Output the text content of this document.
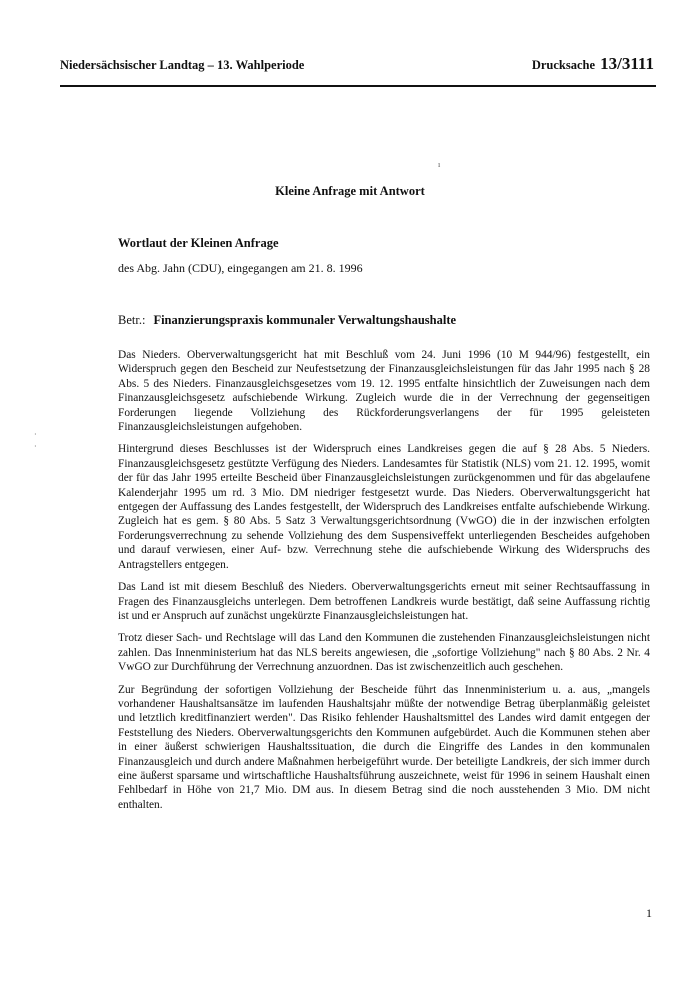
Niedersächsischer Landtag – 13. Wahlperiode	Drucksache 13/3111
ı
·
·
Kleine Anfrage mit Antwort
Wortlaut der Kleinen Anfrage
des Abg. Jahn (CDU), eingegangen am 21. 8. 1996
Betr.: Finanzierungspraxis kommunaler Verwaltungshaushalte

Das Nieders. Oberverwaltungsgericht hat mit Beschluß vom 24. Juni 1996 (10 M 944/96) festgestellt, ein Widerspruch gegen den Bescheid zur Neufestsetzung der Finanzausgleichsleistungen für das Jahr 1995 nach § 28 Abs. 5 des Nieders. Finanzausgleichsgesetzes vom 19. 12. 1995 entfalte hinsichtlich der Zuweisungen nach dem Finanzausgleichsgesetz aufschiebende Wirkung. Zugleich wurde die in der Verrechnung der gegenseitigen Forderungen liegende Vollziehung des Rückforderungsverlangens der für 1995 geleisteten Finanzausgleichsleistungen aufgehoben.

Hintergrund dieses Beschlusses ist der Widerspruch eines Landkreises gegen die auf § 28 Abs. 5 Nieders. Finanzausgleichsgesetz gestützte Verfügung des Nieders. Landesamtes für Statistik (NLS) vom 21. 12. 1995, womit der für das Jahr 1995 erteilte Bescheid über Finanzausgleichsleistungen zurückgenommen und für das abgelaufene Kalenderjahr 1995 um rd. 3 Mio. DM niedriger festgesetzt wurde. Das Nieders. Oberverwaltungsgericht hat entgegen der Auffassung des Landes festgestellt, der Widerspruch des Landkreises entfalte aufschiebende Wirkung. Zugleich hat es gem. § 80 Abs. 5 Satz 3 Verwaltungsgerichtsordnung (VwGO) die in der inzwischen erfolgten Forderungsverrechnung zu sehende Vollziehung des dem Suspensiveffekt unterliegenden Bescheides aufgehoben und darauf verwiesen, einer Auf- bzw. Verrechnung stehe die aufschiebende Wirkung des Widerspruchs des Antragstellers entgegen.

Das Land ist mit diesem Beschluß des Nieders. Oberverwaltungsgerichts erneut mit seiner Rechtsauffassung in Fragen des Finanzausgleichs unterlegen. Dem betroffenen Landkreis wurde bestätigt, daß seine Auffassung richtig ist und er Anspruch auf zunächst ungekürzte Finanzausgleichsleistungen hat.

Trotz dieser Sach- und Rechtslage will das Land den Kommunen die zustehenden Finanzausgleichsleistungen nicht zahlen. Das Innenministerium hat das NLS bereits angewiesen, die „sofortige Vollziehung" nach § 80 Abs. 2 Nr. 4 VwGO zur Durchführung der Verrechnung anzuordnen. Das ist zwischenzeitlich auch geschehen.

Zur Begründung der sofortigen Vollziehung der Bescheide führt das Innenministerium u. a. aus, „mangels vorhandener Haushaltsansätze im laufenden Haushaltsjahr müßte der notwendige Betrag überplanmäßig geleistet und letztlich kreditfinanziert werden". Das Risiko fehlender Haushaltsmittel des Landes wird damit entgegen der Feststellung des Nieders. Oberverwaltungsgerichts den Kommunen aufgebürdet. Auch die Kommunen stehen aber in einer äußerst schwierigen Haushaltssituation, die durch die Eingriffe des Landes in den kommunalen Finanzausgleich und durch andere Maßnahmen herbeigeführt wurde. Der beteiligte Landkreis, der sich immer durch eine äußerst sparsame und wirtschaftliche Haushaltsführung auszeichnete, weist für 1996 in seinem Haushalt einen Fehlbedarf in Höhe von 21,7 Mio. DM aus. In diesem Betrag sind die noch ausstehenden 3 Mio. DM nicht enthalten.

1
